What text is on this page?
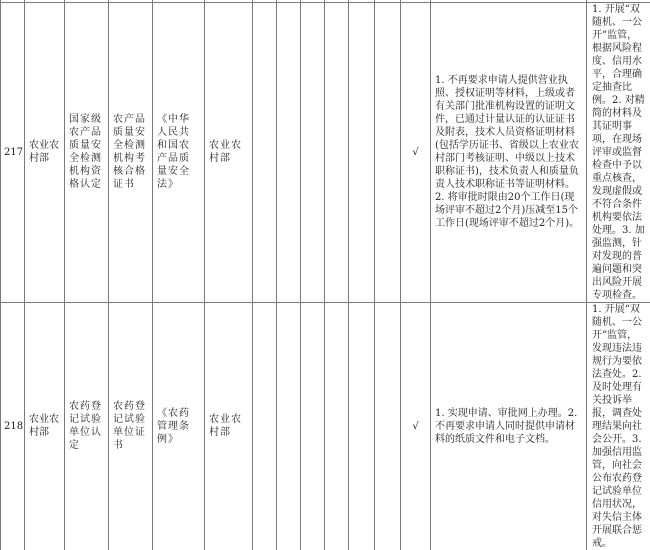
217	农业农村部	国家级农产品质量安全检测机构资格认定	农产品质量安全检测机构考核合格证书	《中华人民共和国农产品质量安全法》	农业农村部							√	1. 不再要求申请人提供营业执照、授权证明等材料，上级或者有关部门批准机构设置的证明文件，已通过计量认证的认证证书及附表，技术人员资格证明材料(包括学历证书、省级以上农业农村部门考核证明、中级以上技术职称证书)，技术负责人和质量负责人技术职称证书等证明材料。2. 将审批时限由20个工作日(现场评审不超过2个月)压减至15个工作日(现场评审不超过2个月)。	1. 开展“双随机、一公开”监管，根据风险程度、信用水平，合理确定抽查比例。2. 对精简的材料及其证明事项，在现场评审或监督检查中予以重点核查，发现虚假或不符合条件机构要依法处理。3. 加强监测，针对发现的普遍问题和突出风险开展专项检查。
218	农业农村部	农药登记试验单位认定	农药登记试验单位证书	《农药管理条例》	农业农村部							√	1. 实现申请、审批网上办理。2. 不再要求申请人同时提供申请材料的纸质文件和电子文档。	1. 开展“双随机、一公开”监管，发现违法违规行为要依法查处。2. 及时处理有关投诉举报，调查处理结果向社会公开。3. 加强信用监管，向社会公布农药登记试验单位信用状况，对失信主体开展联合惩戒。
